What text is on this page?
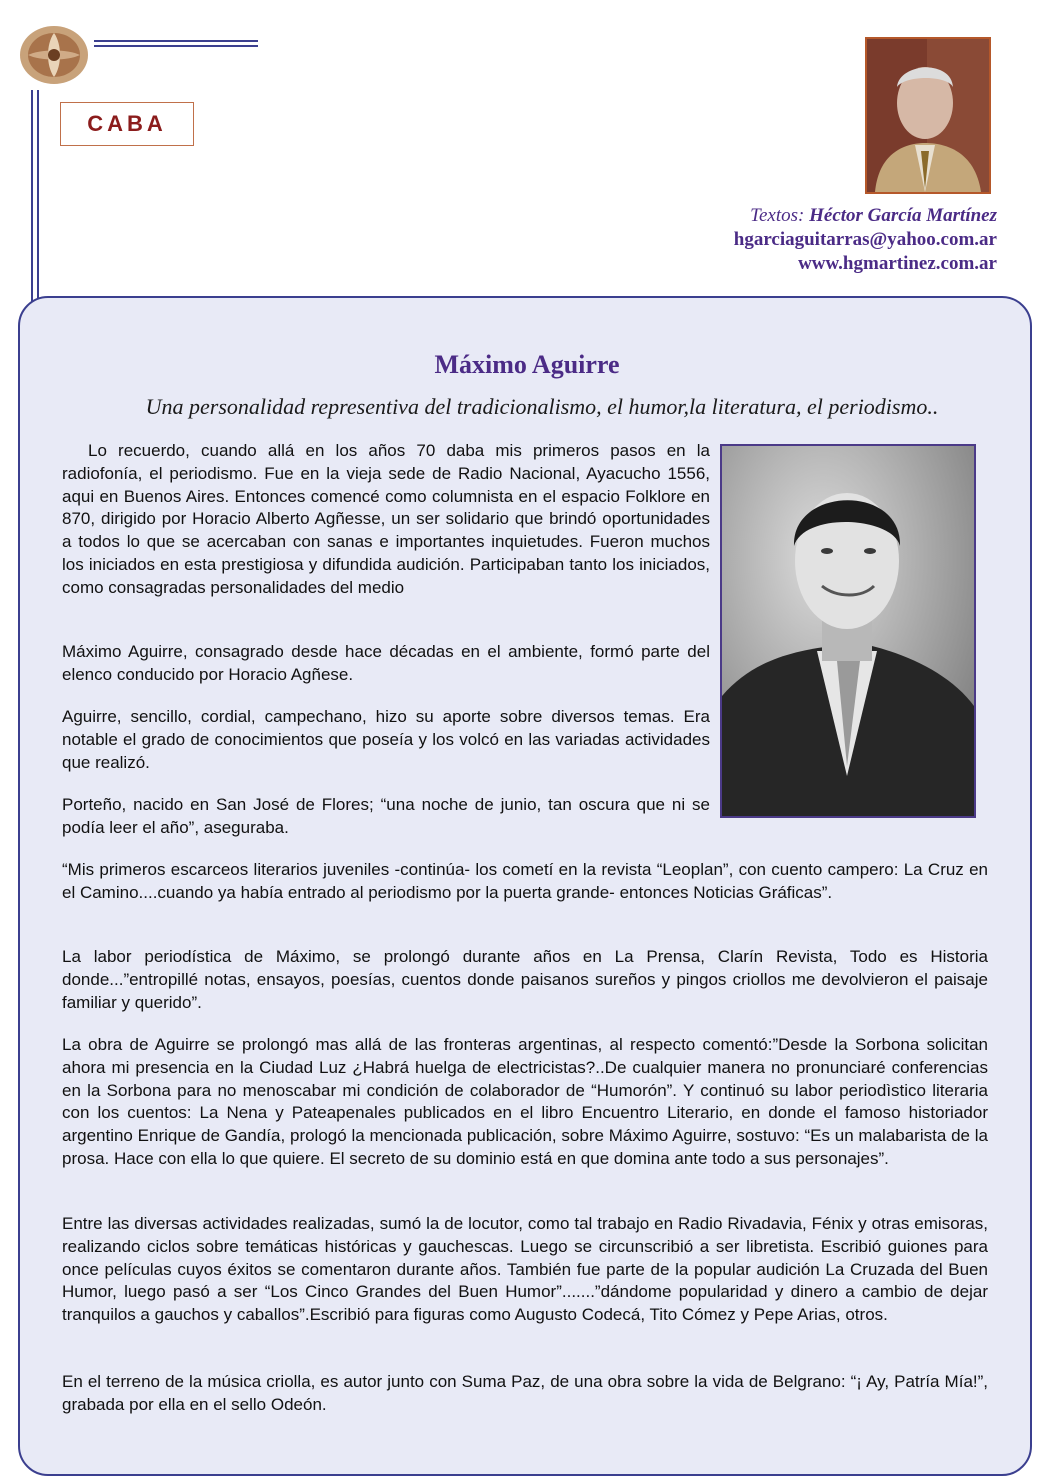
CABA
Textos: Héctor García Martínez
hgarciaguitarras@yahoo.com.ar
www.hgmartinez.com.ar
Máximo Aguirre
Una personalidad representiva del tradicionalismo, el humor,la literatura, el periodismo..

Lo recuerdo, cuando allá en los años 70 daba mis primeros pasos en la radiofonía, el periodismo. Fue en la vieja sede de Radio Nacional, Ayacucho 1556, aqui en Buenos Aires. Entonces comencé como columnista en el espacio Folklore en 870, dirigido por Horacio Alberto Agñesse, un ser solidario que brindó oportunidades a todos lo que se acercaban con sanas e importantes inquietudes. Fueron muchos los iniciados en esta prestigiosa y difundida audición. Participaban tanto los iniciados, como consagradas personalidades del medio

Máximo Aguirre, consagrado desde hace décadas en el ambiente, formó parte del elenco conducido por Horacio Agñese.

Aguirre, sencillo, cordial, campechano, hizo su aporte sobre diversos temas. Era notable el grado de conocimientos que poseía y los volcó en las variadas actividades que realizó.

Porteño, nacido en San José de Flores; “una noche de junio, tan oscura que ni se podía leer el año”, aseguraba.

“Mis primeros escarceos literarios juveniles -continúa- los cometí en la revista “Leoplan”, con cuento campero: La Cruz en el Camino....cuando ya había entrado al periodismo por la puerta grande- entonces Noticias Gráficas”.

La labor periodística de Máximo, se prolongó durante años en La Prensa, Clarín Revista, Todo es Historia donde...”entropillé notas, ensayos, poesías, cuentos donde paisanos sureños y pingos criollos me devolvieron el paisaje familiar y querido”.

La obra de Aguirre se prolongó mas allá de las fronteras argentinas, al respecto comentó:”Desde la Sorbona solicitan ahora mi presencia en la Ciudad Luz ¿Habrá huelga de electricistas?..De cualquier manera no pronunciaré conferencias en la Sorbona para no menoscabar mi condición de colaborador de “Humorón”. Y continuó su labor periodìstico literaria con los cuentos: La Nena y Pateapenales publicados en el libro Encuentro Literario, en donde el famoso historiador argentino Enrique de Gandía, prologó la mencionada publicación, sobre Máximo Aguirre, sostuvo: “Es un malabarista de la prosa. Hace con ella lo que quiere. El secreto de su dominio está en que domina ante todo a sus personajes”.

Entre las diversas actividades realizadas, sumó la de locutor, como tal trabajo en Radio Rivadavia, Fénix y otras emisoras, realizando ciclos sobre temáticas históricas y gauchescas. Luego se circunscribió a ser libretista. Escribió guiones para once películas cuyos éxitos se comentaron durante años. También fue parte de la popular audición La Cruzada del Buen Humor, luego pasó a ser “Los Cinco Grandes del Buen Humor”.......”dándome popularidad y dinero a cambio de dejar tranquilos a gauchos y caballos”.Escribió para figuras como Augusto Codecá, Tito Cómez y Pepe Arias, otros.

En el terreno de la música criolla, es autor junto con Suma Paz, de una obra sobre la vida de Belgrano: “¡ Ay, Patría Mía!”, grabada por ella en el sello Odeón.
